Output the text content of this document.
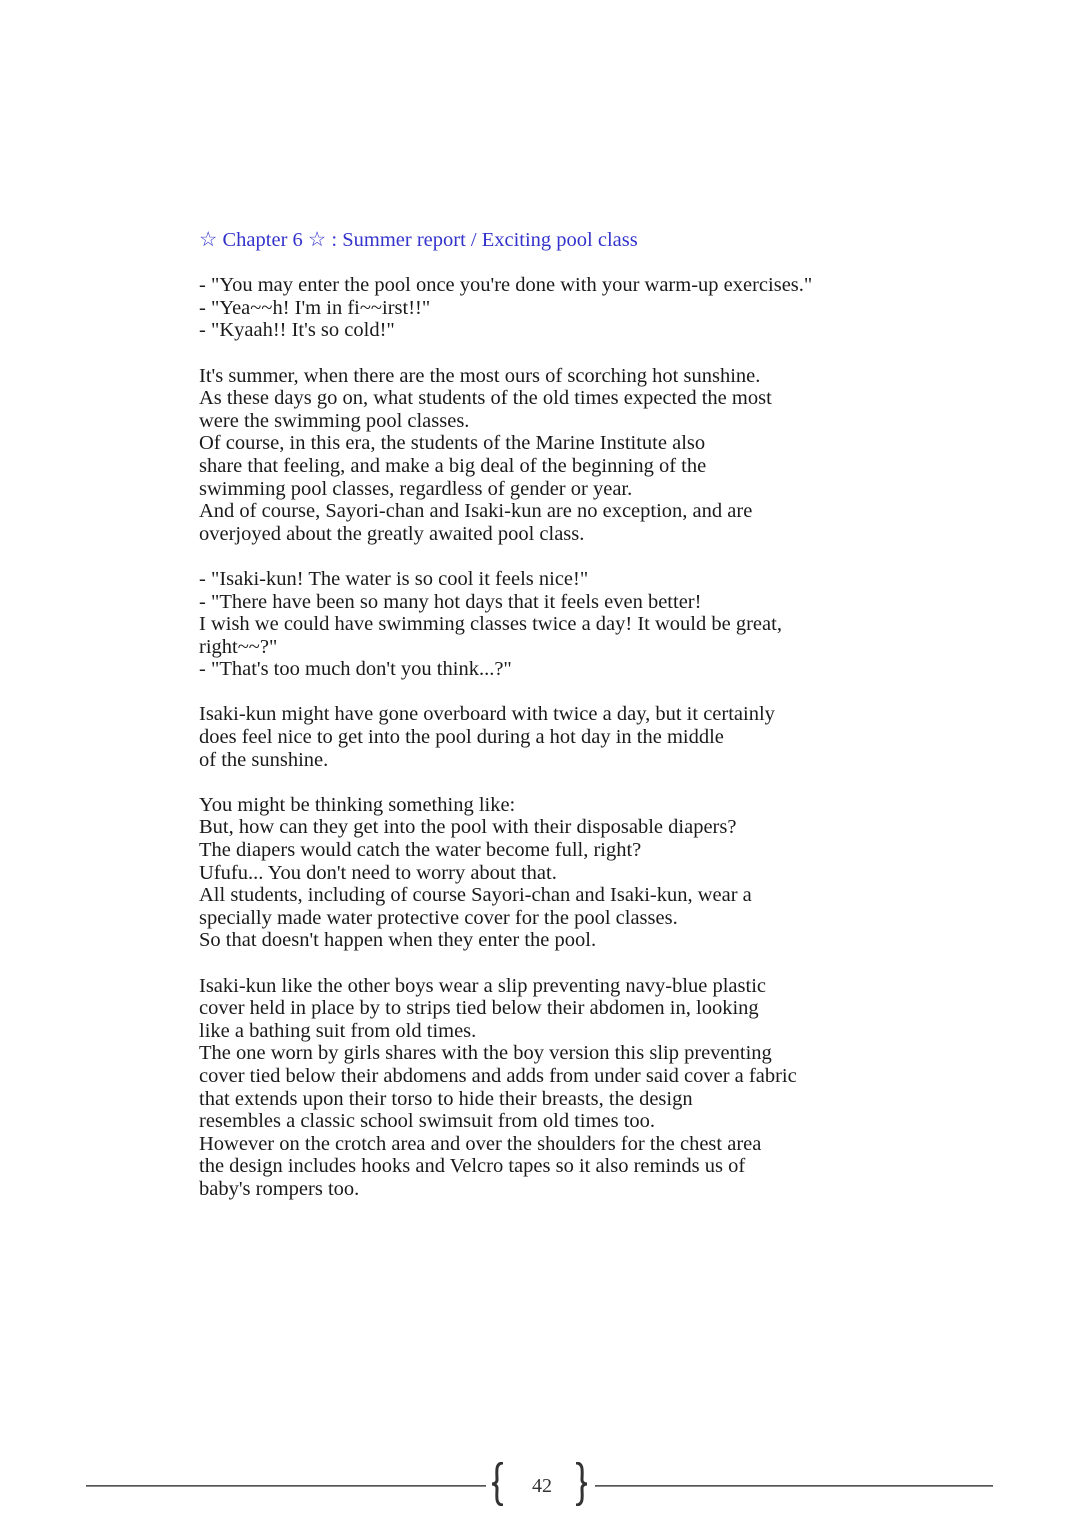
☆ Chapter 6 ☆ : Summer report / Exciting pool class
- "You may enter the pool once you're done with your warm-up exercises."
- "Yea~~h! I'm in fi~~irst!!"
- "Kyaah!! It's so cold!"
It's summer, when there are the most ours of scorching hot sunshine.
As these days go on, what students of the old times expected the most
were the swimming pool classes.
Of course, in this era, the students of the Marine Institute also
share that feeling, and make a big deal of the beginning of the
swimming pool classes, regardless of gender or year.
And of course, Sayori-chan and Isaki-kun are no exception, and are
overjoyed about the greatly awaited pool class.
- "Isaki-kun! The water is so cool it feels nice!"
- "There have been so many hot days that it feels even better!
I wish we could have swimming classes twice a day! It would be great,
right~~?"
- "That's too much don't you think...?"
Isaki-kun might have gone overboard with twice a day, but it certainly
does feel nice to get into the pool during a hot day in the middle
of the sunshine.
You might be thinking something like:
But, how can they get into the pool with their disposable diapers?
The diapers would catch the water become full, right?
Ufufu... You don't need to worry about that.
All students, including of course Sayori-chan and Isaki-kun, wear a
specially made water protective cover for the pool classes.
So that doesn't happen when they enter the pool.
Isaki-kun like the other boys wear a slip preventing navy-blue plastic
cover held in place by to strips tied below their abdomen in, looking
like a bathing suit from old times.
The one worn by girls shares with the boy version this slip preventing
cover tied below their abdomens and adds from under said cover a fabric
that extends upon their torso to hide their breasts, the design
resembles a classic school swimsuit from old times too.
However on the crotch area and over the shoulders for the chest area
the design includes hooks and Velcro tapes so it also reminds us of
baby's rompers too.
42
